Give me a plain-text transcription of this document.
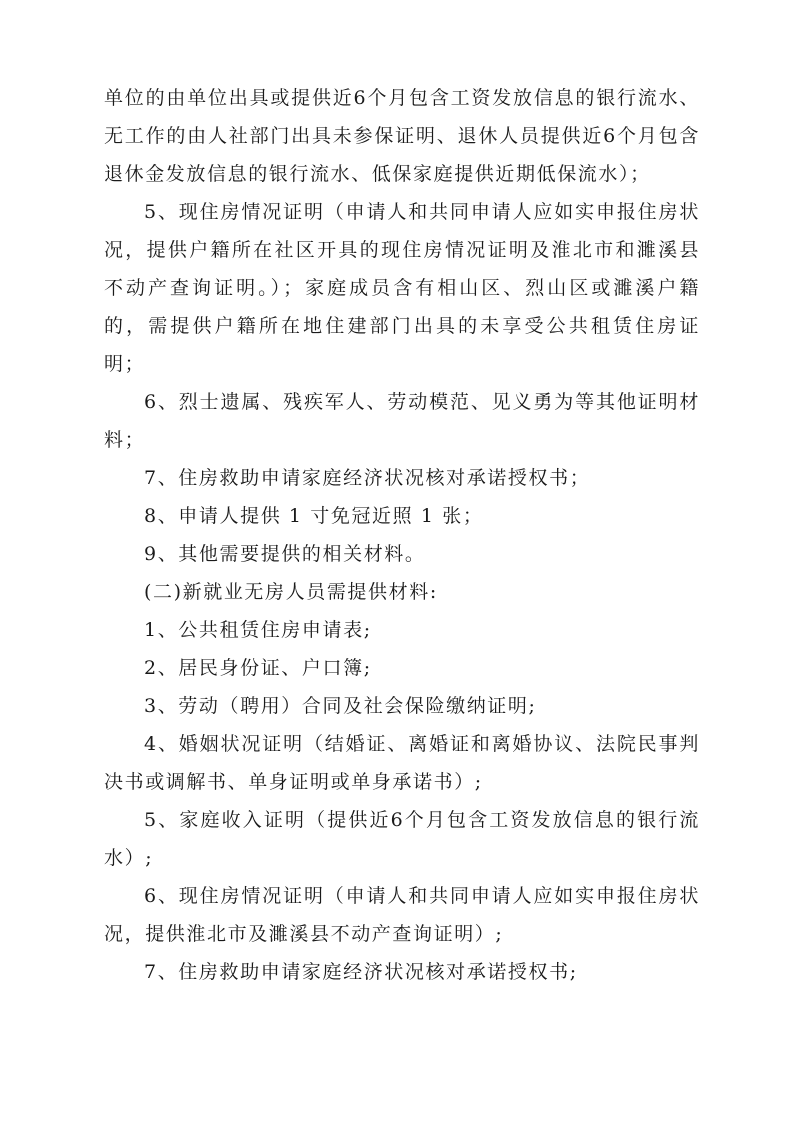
单位的由单位出具或提供近6个月包含工资发放信息的银行流水、无工作的由人社部门出具未参保证明、退休人员提供近6个月包含退休金发放信息的银行流水、低保家庭提供近期低保流水）；

5、现住房情况证明（申请人和共同申请人应如实申报住房状况，提供户籍所在社区开具的现住房情况证明及淮北市和濉溪县不动产查询证明。）；家庭成员含有相山区、烈山区或濉溪户籍的，需提供户籍所在地住建部门出具的未享受公共租赁住房证明；

6、烈士遗属、残疾军人、劳动模范、见义勇为等其他证明材料；

7、住房救助申请家庭经济状况核对承诺授权书；

8、申请人提供 1 寸免冠近照 1 张；

9、其他需要提供的相关材料。

(二)新就业无房人员需提供材料:

1、公共租赁住房申请表;

2、居民身份证、户口簿;

3、劳动（聘用）合同及社会保险缴纳证明;

4、婚姻状况证明（结婚证、离婚证和离婚协议、法院民事判决书或调解书、单身证明或单身承诺书）;

5、家庭收入证明（提供近6个月包含工资发放信息的银行流水）;

6、现住房情况证明（申请人和共同申请人应如实申报住房状况，提供淮北市及濉溪县不动产查询证明）;

7、住房救助申请家庭经济状况核对承诺授权书;
